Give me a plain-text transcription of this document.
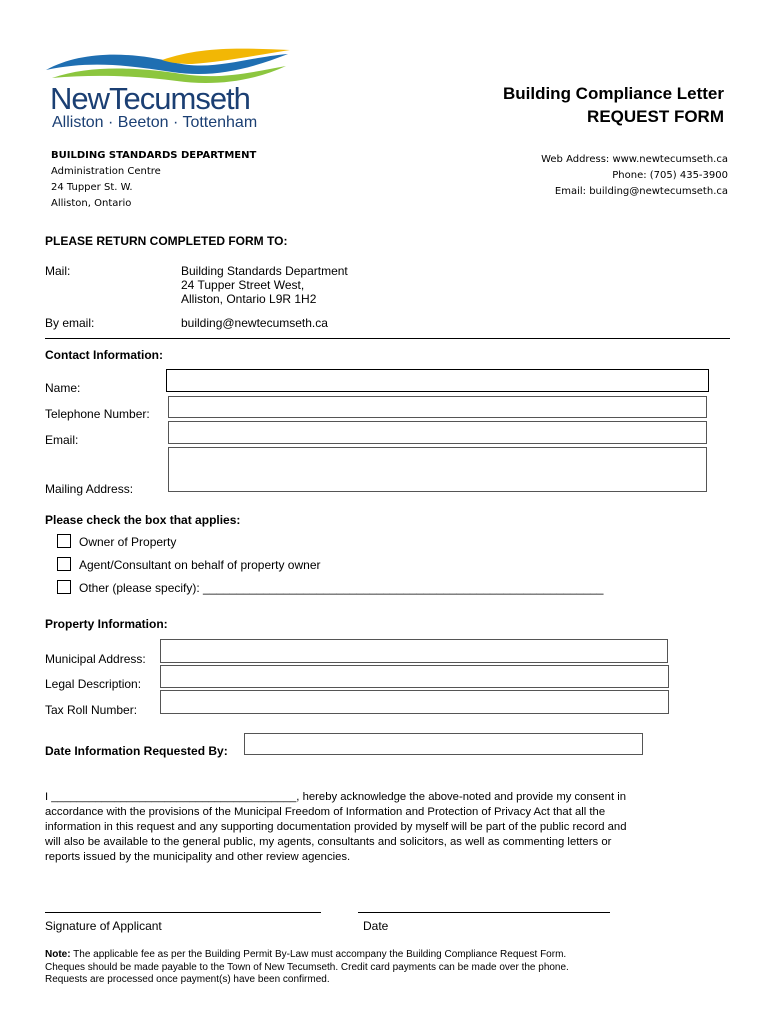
NewTecumseth
Alliston · Beeton · Tottenham
Building Compliance Letter
REQUEST FORM
BUILDING STANDARDS DEPARTMENT
Administration Centre
24 Tupper St. W.
Alliston, Ontario
Web Address: www.newtecumseth.ca
Phone: (705) 435-3900
Email: building@newtecumseth.ca
PLEASE RETURN COMPLETED FORM TO:
Mail:	Building Standards Department
24 Tupper Street West,
Alliston, Ontario L9R 1H2
By email:	building@newtecumseth.ca
Contact Information:
Name:
Telephone Number:
Email:
Mailing Address:
Please check the box that applies:
Owner of Property
Agent/Consultant on behalf of property owner
Other (please specify): ____________________________________________________________
Property Information:
Municipal Address:
Legal Description:
Tax Roll Number:
Date Information Requested By:
I _______________________________________, hereby acknowledge the above-noted and provide my consent in
accordance with the provisions of the Municipal Freedom of Information and Protection of Privacy Act that all the
information in this request and any supporting documentation provided by myself will be part of the public record and
will also be available to the general public, my agents, consultants and solicitors, as well as commenting letters or
reports issued by the municipality and other review agencies.
Signature of Applicant	Date
Note: The applicable fee as per the Building Permit By-Law must accompany the Building Compliance Request Form.
Cheques should be made payable to the Town of New Tecumseth. Credit card payments can be made over the phone.
Requests are processed once payment(s) have been confirmed.
